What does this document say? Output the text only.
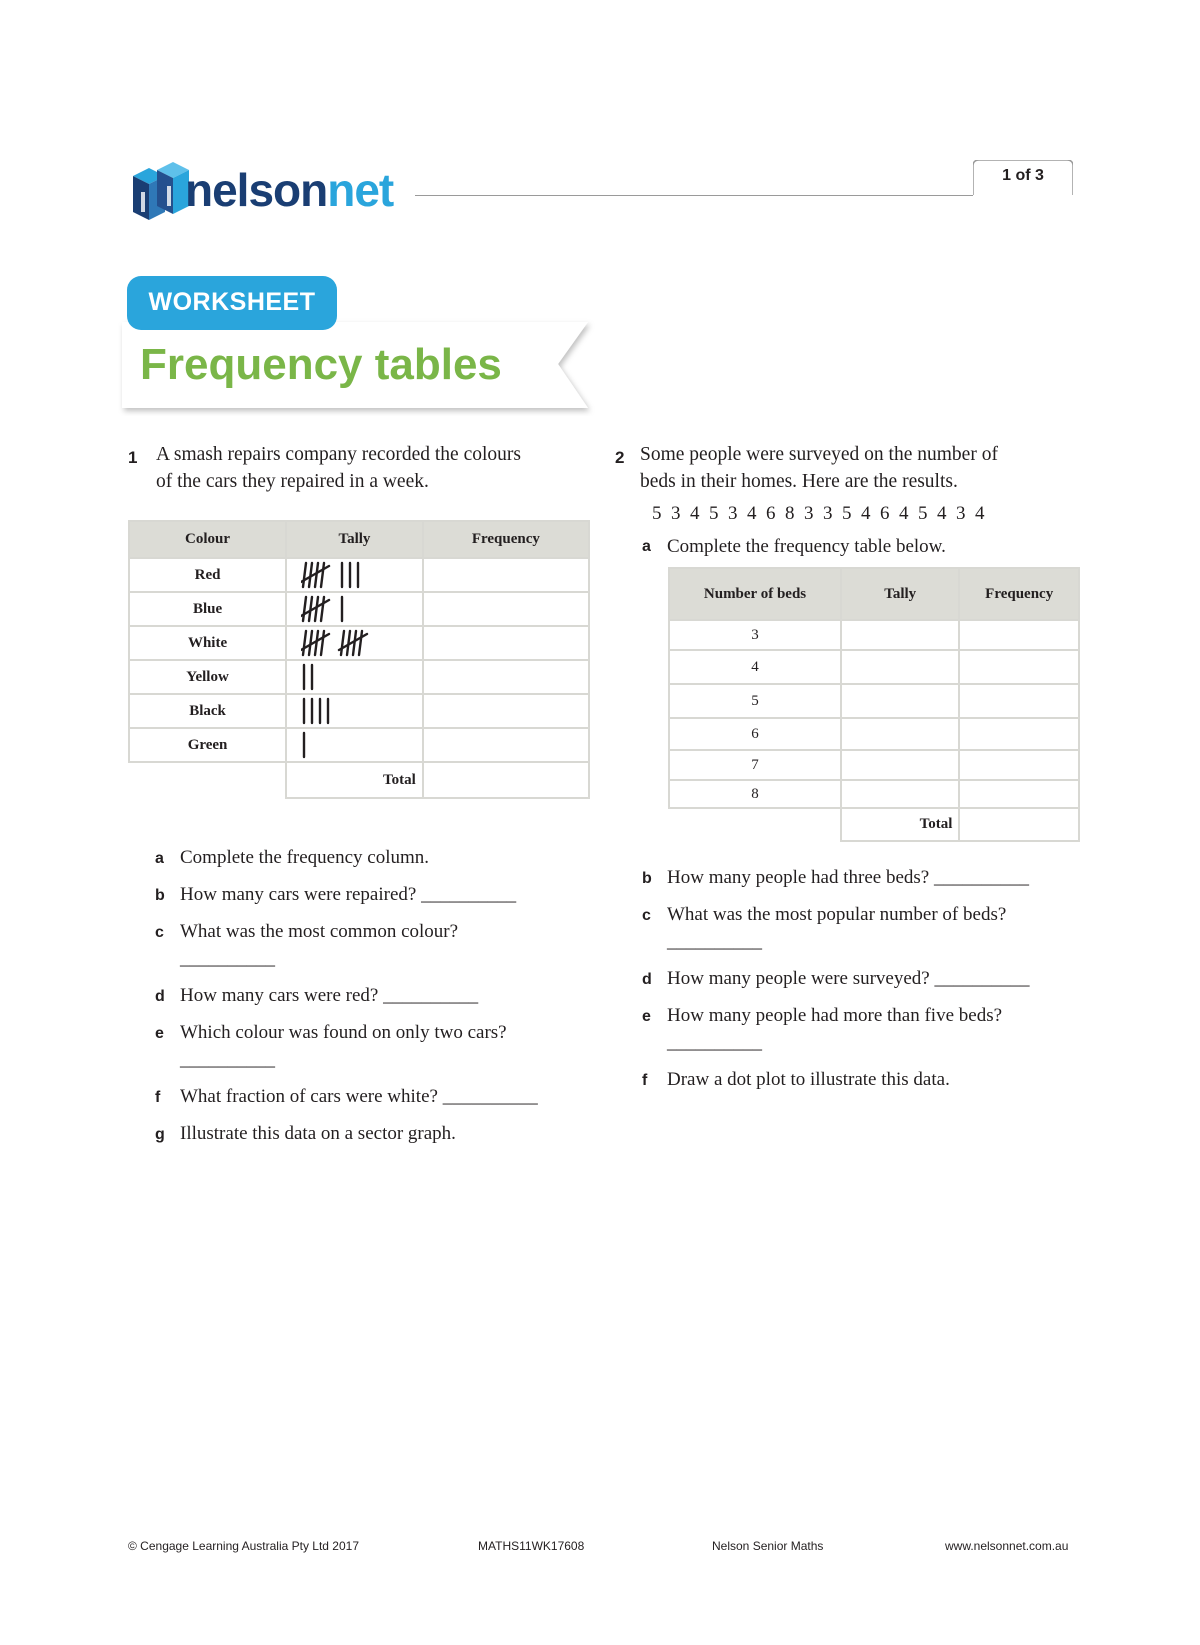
nelsonnet	1 of 3
WORKSHEET
Frequency tables
1 A smash repairs company recorded the colours
of the cars they repaired in a week.
Colour	Tally	Frequency
Red	

Blue	

White	

Yellow	

Black	

Green	

	Total	
a Complete the frequency column.
b How many cars were repaired? __________
c What was the most common colour?
__________
d How many cars were red? __________
e Which colour was found on only two cars?
__________
f What fraction of cars were white? __________
g Illustrate this data on a sector graph.
2 Some people were surveyed on the number of
beds in their homes. Here are the results.
5  3  4  5  3  4  6  8  3  3  5  4  6  4  5  4  3  4
a Complete the frequency table below.
Number of beds	Tally	Frequency
3		
4		
5		
6		
7		
8		
	Total	
b How many people had three beds? __________
c What was the most popular number of beds?
__________
d How many people were surveyed? __________
e How many people had more than five beds?
__________
f Draw a dot plot to illustrate this data.
© Cengage Learning Australia Pty Ltd 2017	MATHS11WK17608	Nelson Senior Maths	www.nelsonnet.com.au
